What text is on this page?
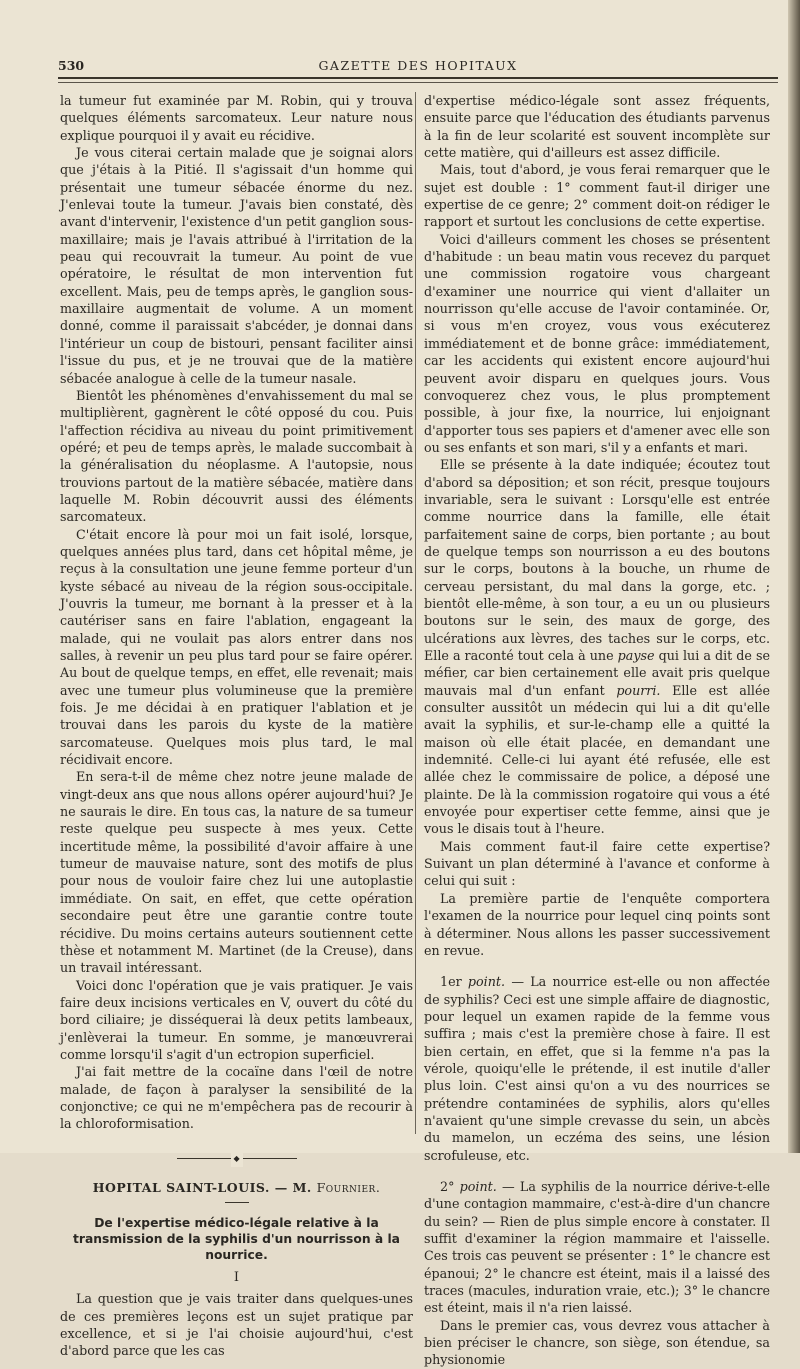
530	GAZETTE DES HOPITAUX

la tumeur fut examinée par M. Robin, qui y trouva quelques éléments sarcomateux. Leur nature nous explique pourquoi il y avait eu récidive.

Je vous citerai certain malade que je soignai alors que j'étais à la Pitié. Il s'agissait d'un homme qui présentait une tumeur sébacée énorme du nez. J'enlevai toute la tumeur. J'avais bien constaté, dès avant d'intervenir, l'existence d'un petit ganglion sous-maxillaire; mais je l'avais attribué à l'irritation de la peau qui recouvrait la tumeur. Au point de vue opératoire, le résultat de mon intervention fut excellent. Mais, peu de temps après, le ganglion sous-maxillaire augmentait de volume. A un moment donné, comme il paraissait s'abcéder, je donnai dans l'intérieur un coup de bistouri, pensant faciliter ainsi l'issue du pus, et je ne trouvai que de la matière sébacée analogue à celle de la tumeur nasale.

Bientôt les phénomènes d'envahissement du mal se multiplièrent, gagnèrent le côté opposé du cou. Puis l'affection récidiva au niveau du point primitivement opéré; et peu de temps après, le malade succombait à la généralisation du néoplasme. A l'autopsie, nous trouvions partout de la matière sébacée, matière dans laquelle M. Robin découvrit aussi des éléments sarcomateux.

C'était encore là pour moi un fait isolé, lorsque, quelques années plus tard, dans cet hôpital même, je reçus à la consultation une jeune femme porteur d'un kyste sébacé au niveau de la région sous-occipitale. J'ouvris la tumeur, me bornant à la presser et à la cautériser sans en faire l'ablation, engageant la malade, qui ne voulait pas alors entrer dans nos salles, à revenir un peu plus tard pour se faire opérer. Au bout de quelque temps, en effet, elle revenait; mais avec une tumeur plus volumineuse que la première fois. Je me décidai à en pratiquer l'ablation et je trouvai dans les parois du kyste de la matière sarcomateuse. Quelques mois plus tard, le mal récidivait encore.

En sera-t-il de même chez notre jeune malade de vingt-deux ans que nous allons opérer aujourd'hui? Je ne saurais le dire. En tous cas, la nature de sa tumeur reste quelque peu suspecte à mes yeux. Cette incertitude même, la possibilité d'avoir affaire à une tumeur de mauvaise nature, sont des motifs de plus pour nous de vouloir faire chez lui une autoplastie immédiate. On sait, en effet, que cette opération secondaire peut être une garantie contre toute récidive. Du moins certains auteurs soutiennent cette thèse et notamment M. Martinet (de la Creuse), dans un travail intéressant.

Voici donc l'opération que je vais pratiquer. Je vais faire deux incisions verticales en V, ouvert du côté du bord ciliaire; je disséquerai là deux petits lambeaux, j'enlèverai la tumeur. En somme, je manœuvrerai comme lorsqu'il s'agit d'un ectropion superficiel.

J'ai fait mettre de la cocaïne dans l'œil de notre malade, de façon à paralyser la sensibilité de la conjonctive; ce qui ne m'empêchera pas de recourir à la chloroformisation.

◆
HOPITAL SAINT-LOUIS. — M. Fournier.
De l'expertise médico-légale relative à la transmission de la syphilis d'un nourrisson à la nourrice.
I

La question que je vais traiter dans quelques-unes de ces premières leçons est un sujet pratique par excellence, et si je l'ai choisie aujourd'hui, c'est d'abord parce que les cas

d'expertise médico-légale sont assez fréquents, ensuite parce que l'éducation des étudiants parvenus à la fin de leur scolarité est souvent incomplète sur cette matière, qui d'ailleurs est assez difficile.

Mais, tout d'abord, je vous ferai remarquer que le sujet est double : 1° comment faut-il diriger une expertise de ce genre; 2° comment doit-on rédiger le rapport et surtout les conclusions de cette expertise.

Voici d'ailleurs comment les choses se présentent d'habitude : un beau matin vous recevez du parquet une commission rogatoire vous chargeant d'examiner une nourrice qui vient d'allaiter un nourrisson qu'elle accuse de l'avoir contaminée. Or, si vous m'en croyez, vous vous exécuterez immédiatement et de bonne grâce: immédiatement, car les accidents qui existent encore aujourd'hui peuvent avoir disparu en quelques jours. Vous convoquerez chez vous, le plus promptement possible, à jour fixe, la nourrice, lui enjoignant d'apporter tous ses papiers et d'amener avec elle son ou ses enfants et son mari, s'il y a enfants et mari.

Elle se présente à la date indiquée; écoutez tout d'abord sa déposition; et son récit, presque toujours invariable, sera le suivant : Lorsqu'elle est entrée comme nourrice dans la famille, elle était parfaitement saine de corps, bien portante ; au bout de quelque temps son nourrisson a eu des boutons sur le corps, boutons à la bouche, un rhume de cerveau persistant, du mal dans la gorge, etc. ; bientôt elle-même, à son tour, a eu un ou plusieurs boutons sur le sein, des maux de gorge, des ulcérations aux lèvres, des taches sur le corps, etc. Elle a raconté tout cela à une payse qui lui a dit de se méfier, car bien certainement elle avait pris quelque mauvais mal d'un enfant pourri. Elle est allée consulter aussitôt un médecin qui lui a dit qu'elle avait la syphilis, et sur-le-champ elle a quitté la maison où elle était placée, en demandant une indemnité. Celle-ci lui ayant été refusée, elle est allée chez le commissaire de police, a déposé une plainte. De là la commission rogatoire qui vous a été envoyée pour expertiser cette femme, ainsi que je vous le disais tout à l'heure.

Mais comment faut-il faire cette expertise? Suivant un plan déterminé à l'avance et conforme à celui qui suit :

La première partie de l'enquête comportera l'examen de la nourrice pour lequel cinq points sont à déterminer. Nous allons les passer successivement en revue.

1er point. — La nourrice est-elle ou non affectée de syphilis? Ceci est une simple affaire de diagnostic, pour lequel un examen rapide de la femme vous suffira ; mais c'est la première chose à faire. Il est bien certain, en effet, que si la femme n'a pas la vérole, quoiqu'elle le prétende, il est inutile d'aller plus loin. C'est ainsi qu'on a vu des nourrices se prétendre contaminées de syphilis, alors qu'elles n'avaient qu'une simple crevasse du sein, un abcès du mamelon, un eczéma des seins, une lésion scrofuleuse, etc.

2° point. — La syphilis de la nourrice dérive-t-elle d'une contagion mammaire, c'est-à-dire d'un chancre du sein? — Rien de plus simple encore à constater. Il suffit d'examiner la région mammaire et l'aisselle. Ces trois cas peuvent se présenter : 1° le chancre est épanoui; 2° le chancre est éteint, mais il a laissé des traces (macules, induration vraie, etc.); 3° le chancre est éteint, mais il n'a rien laissé.

Dans le premier cas, vous devrez vous attacher à bien préciser le chancre, son siège, son étendue, sa physionomie
